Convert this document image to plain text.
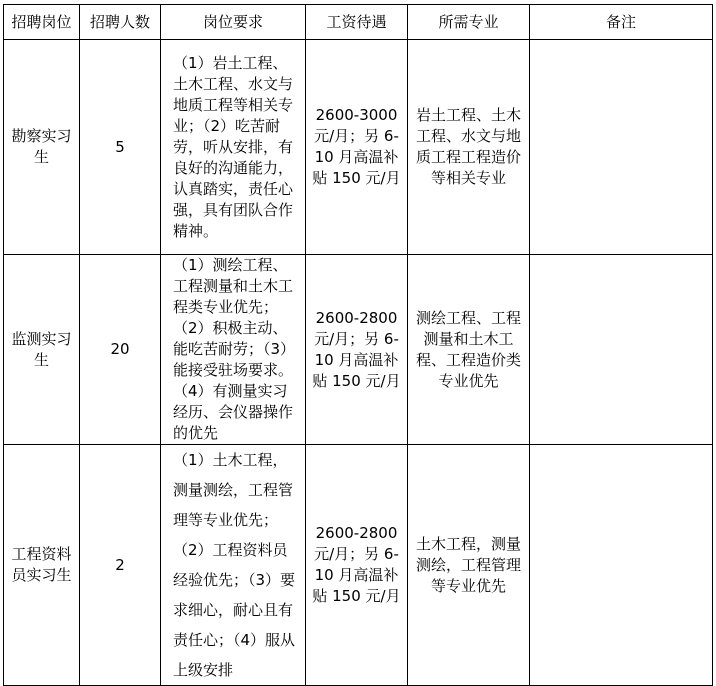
招聘岗位	招聘人数	岗位要求	工资待遇	所需专业	备注
勘察实习生	5	（1）岩土工程、土木工程、水文与地质工程等相关专业；（2）吃苦耐劳，听从安排，有良好的沟通能力，认真踏实，责任心强，具有团队合作精神。	2600-3000元/月；另 6-10 月高温补贴 150 元/月	岩土工程、土木工程、水文与地质工程工程造价等相关专业	
监测实习生	20	（1）测绘工程、工程测量和土木工程类专业优先；（2）积极主动、能吃苦耐劳；（3）能接受驻场要求。（4）有测量实习经历、会仪器操作的优先	2600-2800元/月；另 6-10 月高温补贴 150 元/月	测绘工程、工程测量和土木工程、工程造价类专业优先	
工程资料员实习生	2	（1）土木工程，测量测绘，工程管理等专业优先；（2）工程资料员经验优先；（3）要求细心，耐心且有责任心；（4）服从上级安排	2600-2800元/月；另 6-10 月高温补贴 150 元/月	土木工程，测量测绘，工程管理等专业优先	
